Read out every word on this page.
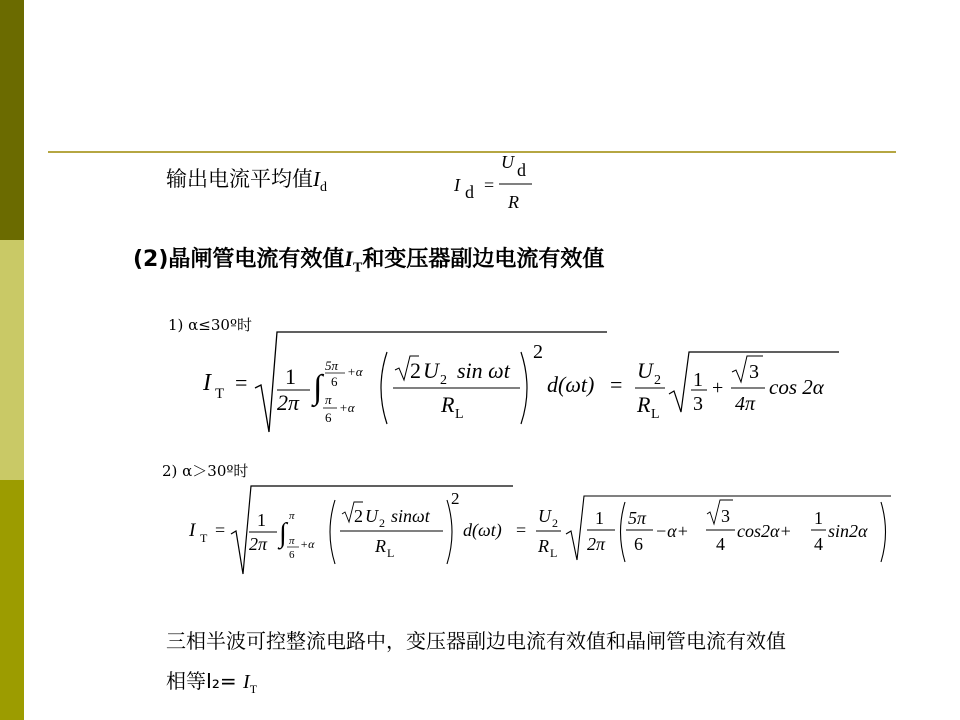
输出电流平均值$I_d$	I d =
U d
R
(2)晶闸管电流有效值$I_T$和变压器副边电流有效值
1) α≤30º时
I T = 1
2π ∫
5π
6
+α
π
6
+α
2 U 2 sin ωt
R L
2
d(ωt) =
U 2
R L
1
3
+
3
4π
cos 2α
2) α＞30º时
I T = 1
2π ∫
π
π
6
+α
2 U 2 sinωt
R L
2
d(ωt) =
U 2
R L
1
2π
5π
6
−α+
3
4
cos2α+
1
4
sin2α
三相半波可控整流电路中，变压器副边电流有效值和晶闸管电流有效值
相等$I_2= I_T$
